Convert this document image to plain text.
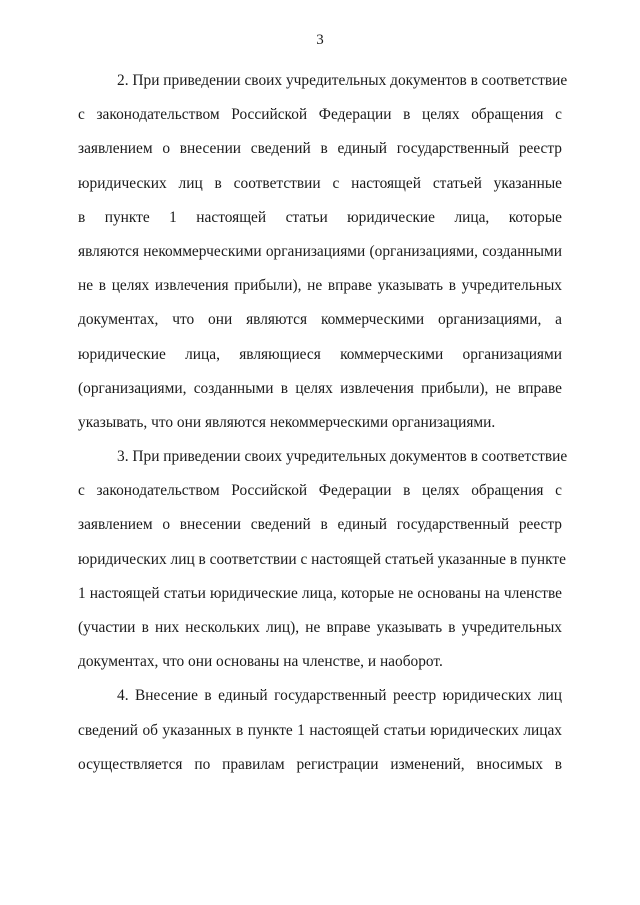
3
2. При приведении своих учредительных документов в соответствие
с законодательством Российской Федерации в целях обращения с
заявлением о внесении сведений в единый государственный реестр
юридических лиц в соответствии с настоящей статьей указанные
в пункте 1 настоящей статьи юридические лица, которые
являются некоммерческими организациями (организациями, созданными
не в целях извлечения прибыли), не вправе указывать в учредительных
документах, что они являются коммерческими организациями, а
юридические лица, являющиеся коммерческими организациями
(организациями, созданными в целях извлечения прибыли), не вправе
указывать, что они являются некоммерческими организациями.
3. При приведении своих учредительных документов в соответствие
с законодательством Российской Федерации в целях обращения с
заявлением о внесении сведений в единый государственный реестр
юридических лиц в соответствии с настоящей статьей указанные в пункте
1 настоящей статьи юридические лица, которые не основаны на членстве
(участии в них нескольких лиц), не вправе указывать в учредительных
документах, что они основаны на членстве, и наоборот.
4. Внесение в единый государственный реестр юридических лиц
сведений об указанных в пункте 1 настоящей статьи юридических лицах
осуществляется по правилам регистрации изменений, вносимых в
